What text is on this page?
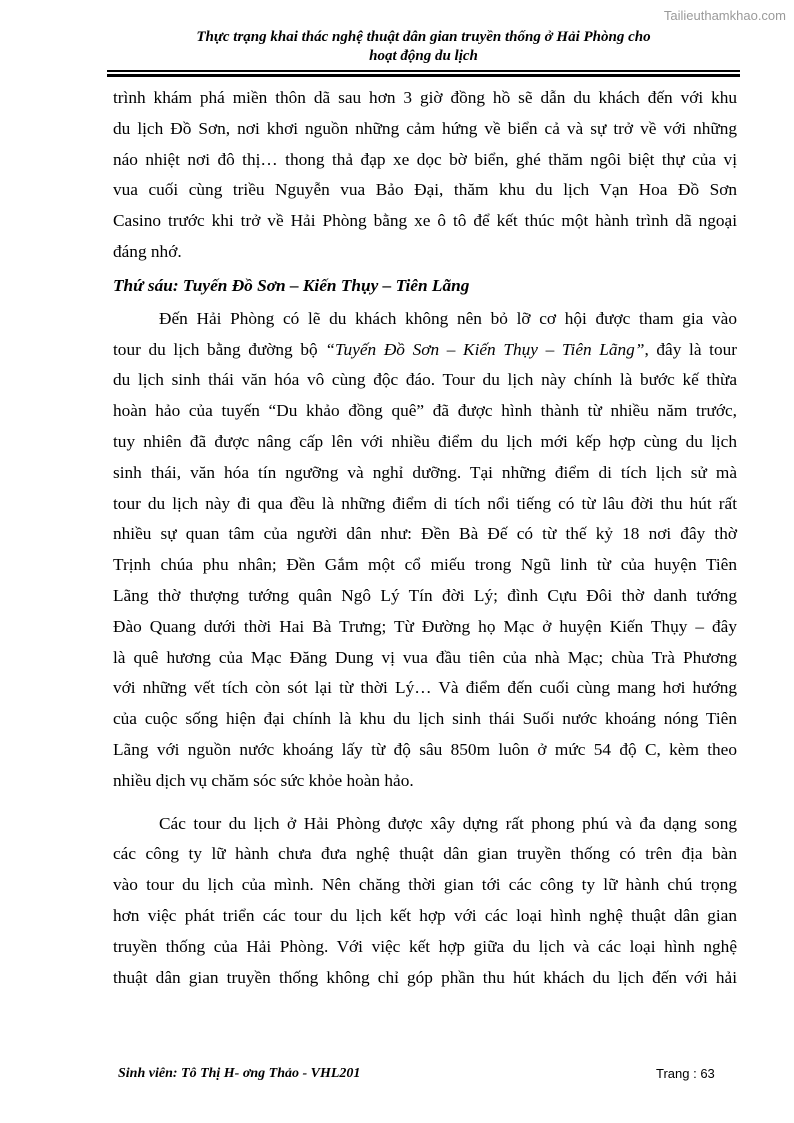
Tailieuthamkhao.com
Thực trạng khai thác nghệ thuật dân gian truyền thống ở Hải Phòng cho
hoạt động du lịch
trình khám phá miền thôn dã sau hơn 3 giờ đồng hồ sẽ dẫn du khách đến với khu
du lịch Đồ Sơn, nơi khơi nguồn những cảm hứng về biển cả và sự trở về với những
náo nhiệt nơi đô thị… thong thả đạp xe dọc bờ biển, ghé thăm ngôi biệt thự của vị
vua cuối cùng triều Nguyễn vua Bảo Đại, thăm khu du lịch Vạn Hoa Đồ Sơn
Casino trước khi trở về Hải Phòng bằng xe ô tô để kết thúc một hành trình dã ngoại
đáng nhớ.
Thứ sáu: Tuyến Đồ Sơn – Kiến Thụy – Tiên Lãng
Đến Hải Phòng có lẽ du khách không nên bỏ lỡ cơ hội được tham gia vào
tour du lịch bằng đường bộ “Tuyến Đồ Sơn – Kiến Thụy – Tiên Lãng”, đây là tour
du lịch sinh thái văn hóa vô cùng độc đáo. Tour du lịch này chính là bước kế thừa
hoàn hảo của tuyến “Du khảo đồng quê” đã được hình thành từ nhiều năm trước,
tuy nhiên đã được nâng cấp lên với nhiều điểm du lịch mới kếp hợp cùng du lịch
sinh thái, văn hóa tín ngưỡng và nghỉ dưỡng. Tại những điểm di tích lịch sử mà
tour du lịch này đi qua đều là những điểm di tích nổi tiếng có từ lâu đời thu hút rất
nhiều sự quan tâm của người dân như: Đền Bà Đế có từ thế kỷ 18 nơi đây thờ
Trịnh chúa phu nhân; Đền Gắm một cổ miếu trong Ngũ linh từ của huyện Tiên
Lãng thờ thượng tướng quân Ngô Lý Tín đời Lý; đình Cựu Đôi thờ danh tướng
Đào Quang dưới thời Hai Bà Trưng; Từ Đường họ Mạc ở huyện Kiến Thụy – đây
là quê hương của Mạc Đăng Dung vị vua đầu tiên của nhà Mạc; chùa Trà Phương
với những vết tích còn sót lại từ thời Lý… Và điểm đến cuối cùng mang hơi hướng
của cuộc sống hiện đại chính là khu du lịch sinh thái Suối nước khoáng nóng Tiên
Lãng với nguồn nước khoáng lấy từ độ sâu 850m luôn ở mức 54 độ C, kèm theo
nhiều dịch vụ chăm sóc sức khỏe hoàn hảo.
Các tour du lịch ở Hải Phòng được xây dựng rất phong phú và đa dạng song
các công ty lữ hành chưa đưa nghệ thuật dân gian truyền thống có trên địa bàn
vào tour du lịch của mình. Nên chăng thời gian tới các công ty lữ hành chú trọng
hơn việc phát triển các tour du lịch kết hợp với các loại hình nghệ thuật dân gian
truyền thống của Hải Phòng. Với việc kết hợp giữa du lịch và các loại hình nghệ
thuật dân gian truyền thống không chỉ góp phần thu hút khách du lịch đến với hải
Sinh viên: Tô Thị H- ơng Thảo - VHL201	Trang : 63
